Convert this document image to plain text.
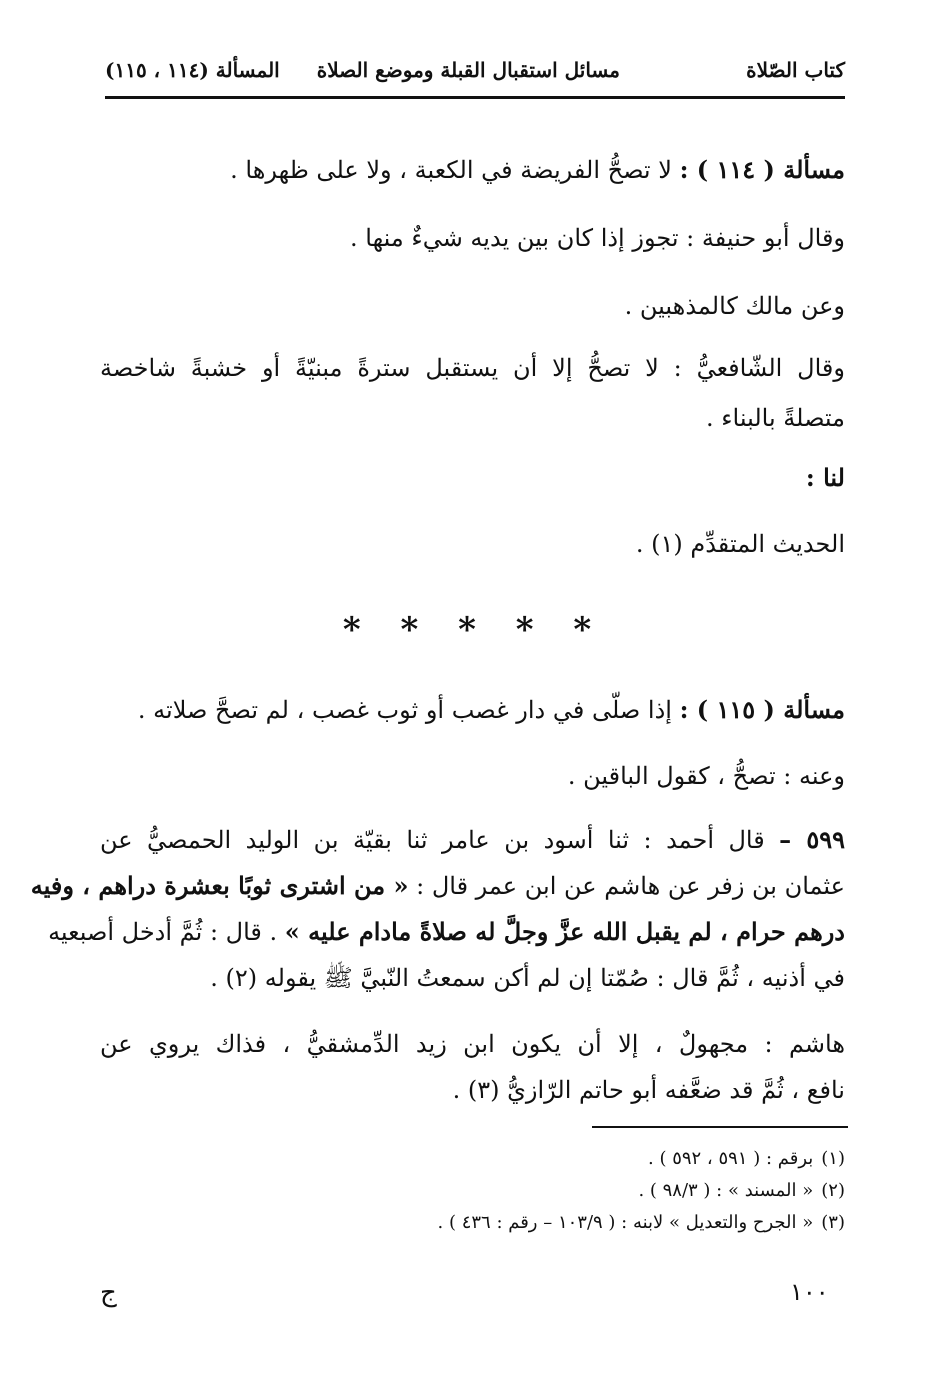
كتاب الصّلاة
مسائل استقبال القبلة وموضع الصلاة
المسألة (١١٤ ، ١١٥)
مسألة ( ١١٤ ) : لا تصحُّ الفريضة في الكعبة ، ولا على ظهرها .
وقال أبو حنيفة : تجوز إذا كان بين يديه شيءٌ منها .
وعن مالك كالمذهبين .
وقال الشّافعيُّ : لا تصحُّ إلا أن يستقبل سترةً مبنيّةً أو خشبةً شاخصة
متصلةً بالبناء .
لنا :
الحديث المتقدِّم (١) .
* * * * *
مسألة ( ١١٥ ) : إذا صلّى في دار غصب أو ثوب غصب ، لم تصحَّ صلاته .
وعنه : تصحُّ ، كقول الباقين .
٥٩٩ – قال أحمد : ثنا أسود بن عامر ثنا بقيّة بن الوليد الحمصيُّ عن
عثمان بن زفر عن هاشم عن ابن عمر قال : « من اشترى ثوبًا بعشرة دراهم ، وفيه
درهم حرام ، لم يقبل الله عزَّ وجلَّ له صلاةً مادام عليه » . قال : ثُمَّ أدخل أصبعيه
في أذنيه ، ثُمَّ قال : صُمّتا إن لم أكن سمعتُ النّبيَّ ﷺ يقوله (٢) .
هاشم : مجهولٌ ، إلا أن يكون ابن زيد الدِّمشقيُّ ، فذاك يروي عن
نافع ، ثُمَّ قد ضعَّفه أبو حاتم الرّازيُّ (٣) .
(١)برقم : ( ٥٩١ ، ٥٩٢ ) .
(٢)« المسند » : ( ٩٨/٣ ) .
(٣)« الجرح والتعديل » لابنه : ( ١٠٣/٩ – رقم : ٤٣٦ ) .
١٠٠
ج
